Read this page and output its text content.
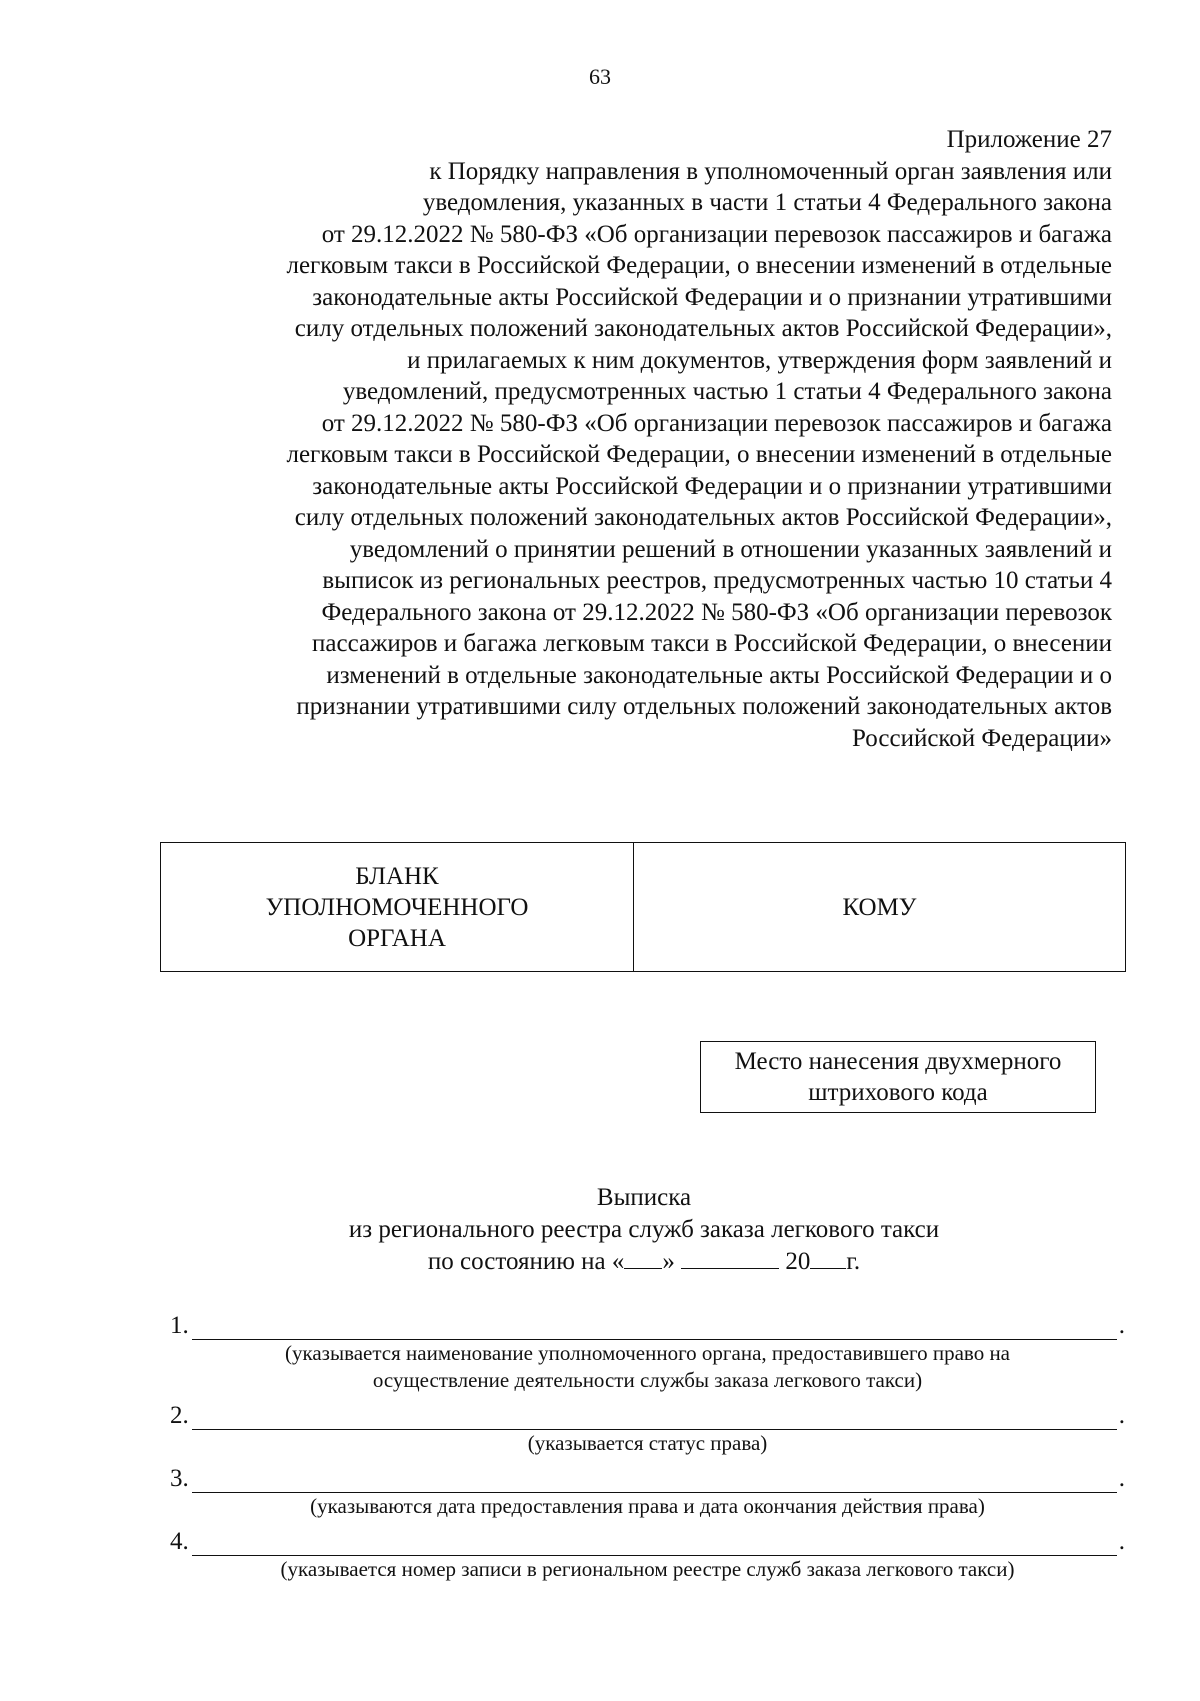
63
Приложение 27
к Порядку направления в уполномоченный орган заявления или
уведомления, указанных в части 1 статьи 4 Федерального закона
от 29.12.2022 № 580-ФЗ «Об организации перевозок пассажиров и багажа
легковым такси в Российской Федерации, о внесении изменений в отдельные
законодательные акты Российской Федерации и о признании утратившими
силу отдельных положений законодательных актов Российской Федерации»,
и прилагаемых к ним документов, утверждения форм заявлений и
уведомлений, предусмотренных частью 1 статьи 4 Федерального закона
от 29.12.2022 № 580-ФЗ «Об организации перевозок пассажиров и багажа
легковым такси в Российской Федерации, о внесении изменений в отдельные
законодательные акты Российской Федерации и о признании утратившими
силу отдельных положений законодательных актов Российской Федерации»,
уведомлений о принятии решений в отношении указанных заявлений и
выписок из региональных реестров, предусмотренных частью 10 статьи 4
Федерального закона от 29.12.2022 № 580-ФЗ «Об организации перевозок
пассажиров и багажа легковым такси в Российской Федерации, о внесении
изменений в отдельные законодательные акты Российской Федерации и о
признании утратившими силу отдельных положений законодательных актов
Российской Федерации»
БЛАНК
УПОЛНОМОЧЕННОГО
ОРГАНА

КОМУ
Место нанесения двухмерного
штрихового кода
Выписка
из регионального реестра служб заказа легкового такси
по состоянию на « »	20 г.
1.	.
(указывается наименование уполномоченного органа, предоставившего право на
осуществление деятельности службы заказа легкового такси)
2.	.
(указывается статус права)
3.	.
(указываются дата предоставления права и дата окончания действия права)
4.	.
(указывается номер записи в региональном реестре служб заказа легкового такси)
